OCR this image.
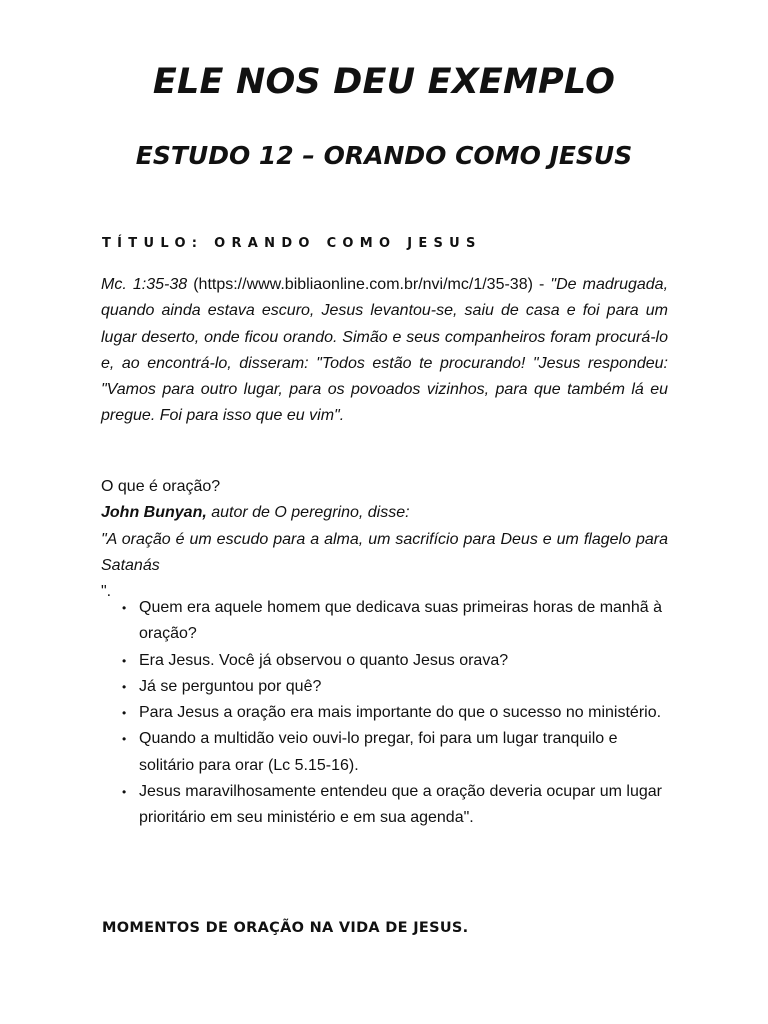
ELE NOS DEU EXEMPLO
ESTUDO 12 – ORANDO COMO JESUS

TÍTULO: ORANDO COMO JESUS

Mc. 1:35-38 (https://www.bibliaonline.com.br/nvi/mc/1/35-38) - "De madrugada, quando ainda estava escuro, Jesus levantou-se, saiu de casa e foi para um lugar deserto, onde ficou orando. Simão e seus companheiros foram procurá-lo e, ao encontrá-lo, disseram: "Todos estão te procurando! "Jesus respondeu: "Vamos para outro lugar, para os povoados vizinhos, para que também lá eu pregue. Foi para isso que eu vim".

O que é oração?
John Bunyan, autor de O peregrino, disse:
"A oração é um escudo para a alma, um sacrifício para Deus e um flagelo para Satanás
".
• Quem era aquele homem que dedicava suas primeiras horas de manhã à oração?
• Era Jesus. Você já observou o quanto Jesus orava?
• Já se perguntou por quê?
• Para Jesus a oração era mais importante do que o sucesso no ministério.
• Quando a multidão veio ouvi-lo pregar, foi para um lugar tranquilo e solitário para orar (Lc 5.15-16).
• Jesus maravilhosamente entendeu que a oração deveria ocupar um lugar prioritário em seu ministério e em sua agenda".

MOMENTOS DE ORAÇÃO NA VIDA DE JESUS.
